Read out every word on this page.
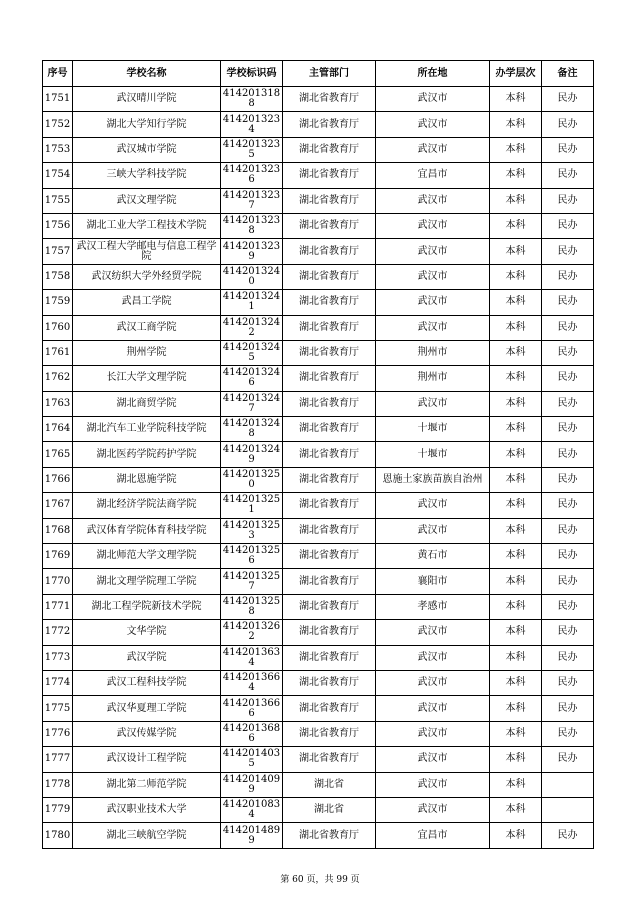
序号	学校名称	学校标识码	主管部门	所在地	办学层次	备注
1751	武汉晴川学院	4142013188	湖北省教育厅	武汉市	本科	民办
1752	湖北大学知行学院	4142013234	湖北省教育厅	武汉市	本科	民办
1753	武汉城市学院	4142013235	湖北省教育厅	武汉市	本科	民办
1754	三峡大学科技学院	4142013236	湖北省教育厅	宜昌市	本科	民办
1755	武汉文理学院	4142013237	湖北省教育厅	武汉市	本科	民办
1756	湖北工业大学工程技术学院	4142013238	湖北省教育厅	武汉市	本科	民办
1757	武汉工程大学邮电与信息工程学院	4142013239	湖北省教育厅	武汉市	本科	民办
1758	武汉纺织大学外经贸学院	4142013240	湖北省教育厅	武汉市	本科	民办
1759	武昌工学院	4142013241	湖北省教育厅	武汉市	本科	民办
1760	武汉工商学院	4142013242	湖北省教育厅	武汉市	本科	民办
1761	荆州学院	4142013245	湖北省教育厅	荆州市	本科	民办
1762	长江大学文理学院	4142013246	湖北省教育厅	荆州市	本科	民办
1763	湖北商贸学院	4142013247	湖北省教育厅	武汉市	本科	民办
1764	湖北汽车工业学院科技学院	4142013248	湖北省教育厅	十堰市	本科	民办
1765	湖北医药学院药护学院	4142013249	湖北省教育厅	十堰市	本科	民办
1766	湖北恩施学院	4142013250	湖北省教育厅	恩施土家族苗族自治州	本科	民办
1767	湖北经济学院法商学院	4142013251	湖北省教育厅	武汉市	本科	民办
1768	武汉体育学院体育科技学院	4142013253	湖北省教育厅	武汉市	本科	民办
1769	湖北师范大学文理学院	4142013256	湖北省教育厅	黄石市	本科	民办
1770	湖北文理学院理工学院	4142013257	湖北省教育厅	襄阳市	本科	民办
1771	湖北工程学院新技术学院	4142013258	湖北省教育厅	孝感市	本科	民办
1772	文华学院	4142013262	湖北省教育厅	武汉市	本科	民办
1773	武汉学院	4142013634	湖北省教育厅	武汉市	本科	民办
1774	武汉工程科技学院	4142013664	湖北省教育厅	武汉市	本科	民办
1775	武汉华夏理工学院	4142013666	湖北省教育厅	武汉市	本科	民办
1776	武汉传媒学院	4142013686	湖北省教育厅	武汉市	本科	民办
1777	武汉设计工程学院	4142014035	湖北省教育厅	武汉市	本科	民办
1778	湖北第二师范学院	4142014099	湖北省	武汉市	本科	
1779	武汉职业技术大学	4142010834	湖北省	武汉市	本科	
1780	湖北三峡航空学院	4142014899	湖北省教育厅	宜昌市	本科	民办
第 60 页，共 99 页
